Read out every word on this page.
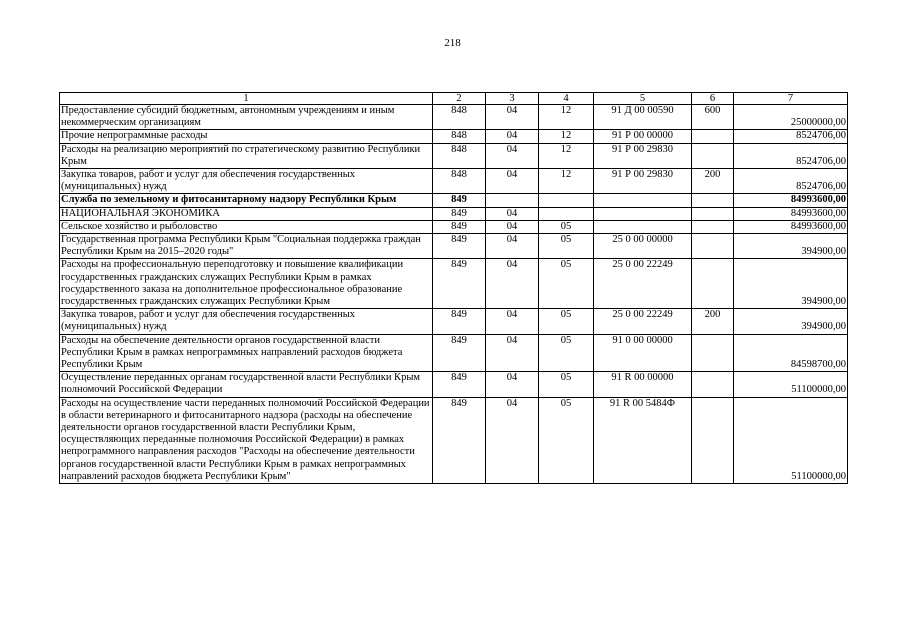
218
1	2	3	4	5	6	7
Предоставление субсидий бюджетным, автономным учреждениям и иным некоммерческим организациям	848	04	12	91 Д 00 00590	600	25000000,00
Прочие непрограммные расходы	848	04	12	91 Р 00 00000		8524706,00
Расходы на реализацию мероприятий по стратегическому развитию Республики Крым	848	04	12	91 Р 00 29830		8524706,00
Закупка товаров, работ и услуг для обеспечения государственных (муниципальных) нужд	848	04	12	91 Р 00 29830	200	8524706,00
Служба по земельному и фитосанитарному надзору Республики Крым	849					84993600,00
НАЦИОНАЛЬНАЯ ЭКОНОМИКА	849	04				84993600,00
Сельское хозяйство и рыболовство	849	04	05			84993600,00
Государственная программа Республики Крым "Социальная поддержка граждан Республики Крым на 2015–2020 годы"	849	04	05	25 0 00 00000		394900,00
Расходы на профессиональную переподготовку и повышение квалификации государственных гражданских служащих Республики Крым в рамках государственного заказа на дополнительное профессиональное образование государственных гражданских служащих Республики Крым	849	04	05	25 0 00 22249		394900,00
Закупка товаров, работ и услуг для обеспечения государственных (муниципальных) нужд	849	04	05	25 0 00 22249	200	394900,00
Расходы на обеспечение деятельности органов государственной власти Республики Крым в рамках непрограммных направлений расходов бюджета Республики Крым	849	04	05	91 0 00 00000		84598700,00
Осуществление переданных органам государственной власти Республики Крым полномочий Российской Федерации	849	04	05	91 R 00 00000		51100000,00
Расходы на осуществление части переданных полномочий Российской Федерации в области ветеринарного и фитосанитарного надзора (расходы на обеспечение деятельности органов государственной власти Республики Крым, осуществляющих переданные полномочия Российской Федерации) в рамках непрограммного направления расходов "Расходы на обеспечение деятельности органов государственной власти Республики Крым в рамках непрограммных направлений расходов бюджета Республики Крым"	849	04	05	91 R 00 5484Ф		51100000,00
